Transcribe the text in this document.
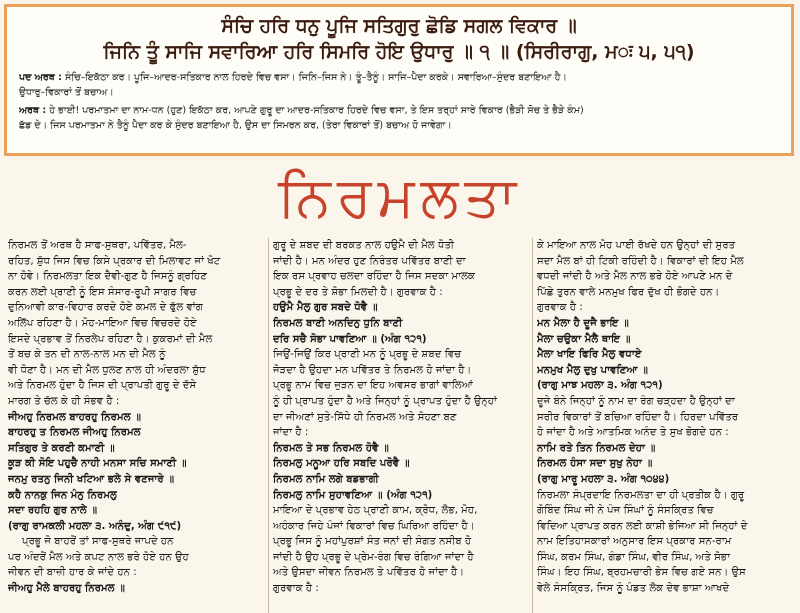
ਸੰਚਿ ਹਰਿ ਧਨੁ ਪੂਜਿ ਸਤਿਗੁਰੁ ਛੋਡਿ ਸਗਲ ਵਿਕਾਰ ॥
ਜਿਨਿ ਤੂੰ ਸਾਜਿ ਸਵਾਰਿਆ ਹਰਿ ਸਿਮਰਿ ਹੋਇ ਉਧਾਰੁ ॥ ੧ ॥ (ਸਿਰੀਰਾਗੁ, ਮः ੫, ੫੧)
ਪਦ ਅਰਥ : ਸੰਚਿ–ਇਕੱਠਾ ਕਰ। ਪੂਜਿ–ਆਦਰ-ਸਤਿਕਾਰ ਨਾਲ ਹਿਰਦੇ ਵਿਚ ਵਸਾ। ਜਿਨਿ–ਜਿਸ ਨੇ। ਤੂੰ–ਤੈਨੂੰ। ਸਾਜਿ–ਪੈਦਾ ਕਰਕੇ। ਸਵਾਰਿਆ–ਸੁੰਦਰ ਬਣਾਇਆ ਹੈ।
ਉਧਾਰੁ–ਵਿਕਾਰਾਂ ਤੋਂ ਬਚਾਅ।
ਅਰਥ : ਹੇ ਭਾਈ! ਪਰਮਾਤਮਾ ਦਾ ਨਾਮ-ਧਨ (ਹੁਣ) ਇਕੱਠਾ ਕਰ, ਆਪਣੇ ਗੁਰੂ ਦਾ ਆਦਰ-ਸਤਿਕਾਰ ਹਿਰਦੇ ਵਿਚ ਵਸਾ, ਤੇ ਇਸ ਤਰ੍ਹਾਂ ਸਾਰੇ ਵਿਕਾਰ (ਭੈੜੀ ਸੋਚ ਤੇ ਭੈੜੇ ਕੰਮ)
ਛੱਡ ਦੇ। ਜਿਸ ਪਰਮਾਤਮਾ ਨੇ ਤੈਨੂੰ ਪੈਦਾ ਕਰ ਕੇ ਸੁੰਦਰ ਬਣਾਇਆ ਹੈ, ਉਸ ਦਾ ਸਿਮਰਨ ਕਰ, (ਤੇਰਾ ਵਿਕਾਰਾਂ ਤੋਂ) ਬਚਾਅ ਹੋ ਜਾਵੇਗਾ।
ਨਿਰਮਲਤਾ
ਨਿਰਮਲ ਤੋਂ ਅਰਥ ਹੈ ਸਾਫ-ਸੁਥਰਾ, ਪਵਿੱਤਰ, ਮੈਲ-
ਰਹਿਤ, ਸ਼ੁੱਧ ਜਿਸ ਵਿਚ ਕਿਸੇ ਪ੍ਰਕਾਰ ਦੀ ਮਿਲਾਵਟ ਜਾਂ ਖੋਟ
ਨਾ ਹੋਵੇ। ਨਿਰਮਲਤਾ ਇਕ ਦੈਵੀ-ਗੁਣ ਹੈ ਜਿਸਨੂੰ ਗ੍ਰਹਿਣ
ਕਰਨ ਲਈ ਪ੍ਰਾਣੀ ਨੂੰ ਇਸ ਸੰਸਾਰ-ਰੂਪੀ ਸਾਗਰ ਵਿਚ
ਦੁਨਿਆਵੀ ਕਾਰ-ਵਿਹਾਰ ਕਰਦੇ ਹੋਏ ਕਮਲ ਦੇ ਫੁੱਲ ਵਾਂਗ
ਅਲਿੱਪ ਰਹਿਣਾ ਹੈ। ਮੋਹ-ਮਾਇਆ ਵਿਚ ਵਿਚਰਦੇ ਹੋਏ
ਇਸਦੇ ਪ੍ਰਭਾਵ ਤੋਂ ਨਿਰਲੇਪ ਰਹਿਣਾ ਹੈ। ਕੁਕਰਮਾਂ ਦੀ ਮੈਲ
ਤੋਂ ਬਚ ਕੇ ਤਨ ਦੀ ਨਾਲ-ਨਾਲ ਮਨ ਦੀ ਮੈਲ ਨੂੰ
ਵੀ ਧੋਣਾ ਹੈ। ਮਨ ਦੀ ਮੈਲ ਧੁਲਣ ਨਾਲ ਹੀ ਅੰਦਰਲਾ ਸ਼ੁੱਧ
ਅਤੇ ਨਿਰਮਲ ਹੁੰਦਾ ਹੈ ਜਿਸ ਦੀ ਪ੍ਰਾਪਤੀ ਗੁਰੂ ਦੇ ਦੱਸੇ
ਮਾਰਗ ਤੇ ਚੱਲ ਕੇ ਹੀ ਸੰਭਵ ਹੈ :
ਜੀਅਹੁ ਨਿਰਮਲ ਬਾਹਰਹੁ ਨਿਰਮਲ ॥
ਬਾਹਰਹੁ ਤ ਨਿਰਮਲ ਜੀਅਹੁ ਨਿਰਮਲ
ਸਤਿਗੁਰ ਤੇ ਕਰਣੀ ਕਮਾਣੀ ॥
ਕੂੜ ਕੀ ਸੋਇ ਪਹੁਚੈ ਨਾਹੀ ਮਨਸਾ ਸਚਿ ਸਮਾਣੀ ॥
ਜਨਮੁ ਰਤਨੁ ਜਿਨੀ ਖਟਿਆ ਭਲੇ ਸੇ ਵਣਜਾਰੇ ॥
ਕਹੈ ਨਾਨਕੁ ਜਿਨ ਮੰਨੁ ਨਿਰਮਲੁ
ਸਦਾ ਰਹਹਿ ਗੁਰ ਨਾਲੇ ॥
(ਰਾਗੁ ਰਾਮਕਲੀ ਮਹਲਾ ੩. ਅਨੰਦੁ, ਅੰਗ ੯੧੯)
ਪ੍ਰਭੂ ਜੋ ਬਾਹਰੋਂ ਤਾਂ ਸਾਫ-ਸੁਥਰੇ ਜਾਪਦੇ ਹਨ
ਪਰ ਅੰਦਰੋਂ ਮੈਲ ਅਤੇ ਕਪਟ ਨਾਲ ਭਰੇ ਹੋਏ ਹਨ ਉਹ
ਜੀਵਨ ਦੀ ਬਾਜ਼ੀ ਹਾਰ ਕੇ ਜਾਂਦੇ ਹਨ :
ਜੀਅਹੁ ਮੈਲੇ ਬਾਹਰਹੁ ਨਿਰਮਲ ॥
ਗੁਰੂ ਦੇ ਸ਼ਬਦ ਦੀ ਬਰਕਤ ਨਾਲ ਹਉਮੈ ਦੀ ਮੈਲ ਧੋਤੀ
ਜਾਂਦੀ ਹੈ। ਮਨ ਅੰਦਰ ਹੁਣ ਨਿਰੰਤਰ ਪਵਿੱਤਰ ਬਾਣੀ ਦਾ
ਇਕ ਰਸ ਪ੍ਰਵਾਹ ਚਲਦਾ ਰਹਿੰਦਾ ਹੈ ਜਿਸ ਸਦਕਾ ਮਾਲਕ
ਪ੍ਰਭੂ ਦੇ ਦਰ ਤੇ ਸ਼ੋਭਾ ਮਿਲਦੀ ਹੈ। ਗੁਰਵਾਕ ਹੈ :
ਹਉਮੈ ਮੈਲੁ ਗੁਰ ਸਬਦੇ ਧੋਵੈ ॥
ਨਿਰਮਲ ਬਾਣੀ ਅਨਦਿਨੁ ਧੁਨਿ ਬਾਣੀ
ਦਰਿ ਸਚੈ ਸੋਭਾ ਪਾਵਣਿਆ ॥ (ਅੰਗ ੧੨੧)
ਜਿਉਂ-ਜਿਉਂ ਕਿਰ ਪ੍ਰਾਣੀ ਮਨ ਨੂੰ ਪ੍ਰਭੂ ਦੇ ਸ਼ਬਦ ਵਿਚ
ਜੋੜਦਾ ਹੈ ਉਹਦਾ ਮਨ ਪਵਿੱਤਰ ਤੇ ਨਿਰਮਲ ਹੋ ਜਾਂਦਾ ਹੈ।
ਪ੍ਰਭੂ ਨਾਮ ਵਿਚ ਜੁੜਨ ਦਾ ਇਹ ਅਵਸਰ ਭਾਗਾਂ ਵਾਲਿਆਂ
ਨੂੰ ਹੀ ਪ੍ਰਾਪਤ ਹੁੰਦਾ ਹੈ ਅਤੇ ਜਿਨ੍ਹਾਂ ਨੂੰ ਪ੍ਰਾਪਤ ਹੁੰਦਾ ਹੈ ਉਨ੍ਹਾਂ
ਦਾ ਜੀਅਣਾਂ ਸੁਤੇ-ਸਿੱਧੇ ਹੀ ਨਿਰਮਲ ਅਤੇ ਸੋਹਣਾ ਬਣ
ਜਾਂਦਾ ਹੈ :
ਨਿਰਮਲ ਤੇ ਸਭ ਨਿਰਮਲ ਹੋਵੈ ॥
ਨਿਰਮਲੁ ਮਨੂਆ ਹਰਿ ਸਬਦਿ ਪਰੋਵੈ ॥
ਨਿਰਮਲ ਨਾਮਿ ਲਗੇ ਬਡਭਾਗੀ
ਨਿਰਮਲੁ ਨਾਮਿ ਸੁਹਾਵਣਿਆ ॥ (ਅੰਗ ੧੨੧)
ਮਾਇਆ ਦੇ ਪ੍ਰਭਾਵ ਹੇਠ ਪ੍ਰਾਣੀ ਕਾਮ, ਕ੍ਰੋਧ, ਲੋਭ, ਮੋਹ,
ਅਹੰਕਾਰ ਜਿਹੇ ਪੰਜਾਂ ਵਿਕਾਰਾਂ ਵਿਚ ਘਿਰਿਆ ਰਹਿੰਦਾ ਹੈ।
ਪ੍ਰਭੂ ਜਿਸ ਨੂੰ ਮਹਾਂਪੁਰਸ਼ਾਂ ਸੰਤ ਜਨਾਂ ਦੀ ਸੰਗਤ ਨਸੀਬ ਹੋ
ਜਾਂਦੀ ਹੈ ਉਹ ਪ੍ਰਭੂ ਦੇ ਪ੍ਰੇਮ-ਰੰਗ ਵਿਚ ਰੰਗਿਆ ਜਾਂਦਾ ਹੈ
ਅਤੇ ਉਸਦਾ ਜੀਵਨ ਨਿਰਮਲ ਤੇ ਪਵਿੱਤਰ ਹੋ ਜਾਂਦਾ ਹੈ।
ਗੁਰਵਾਕ ਹੈ :
ਕੇ ਮਾਇਆ ਨਾਲ ਮੋਹ ਪਾਈ ਰੱਖਦੇ ਹਨ ਉਨ੍ਹਾਂ ਦੀ ਸੁਰਤ
ਸਦਾ ਮੈਲ ਬਾਂ ਹੀ ਟਿਕੀ ਰਹਿੰਦੀ ਹੈ। ਵਿਕਾਰਾਂ ਦੀ ਇਹ ਮੈਲ
ਵਧਦੀ ਜਾਂਦੀ ਹੈ ਅਤੇ ਮੈਲ ਨਾਲ ਭਰੇ ਹੋਏ ਆਪਣੇ ਮਨ ਦੇ
ਪਿੱਛੇ ਤੁਰਨ ਵਾਲੇ ਮਨਮੁਖ ਫਿਰ ਦੁੱਖ ਹੀ ਭੋਗਦੇ ਹਨ।
ਗੁਰਵਾਕ ਹੈ :
ਮਨ ਮੈਲਾ ਹੈ ਦੂਜੈ ਭਾਇ ॥
ਮੈਲਾ ਚਉਕਾ ਮੈਲੈ ਥਾਇ ॥
ਮੈਲਾ ਖਾਇ ਫਿਰਿ ਮੈਲੁ ਵਧਾਏ
ਮਨਮੁਖ ਮੈਲੁ ਦੁਖੁ ਪਾਵਣਿਆ ॥
(ਰਾਗੁ ਮਾਝ ਮਹਲਾ ੩. ਅੰਗ ੧੨੧)
ਦੂਜੇ ਬੰਨੇ ਜਿਨ੍ਹਾਂ ਨੂੰ ਨਾਮ ਦਾ ਰੰਗ ਚੜ੍ਹਦਾ ਹੈ ਉਨ੍ਹਾਂ ਦਾ
ਸਰੀਰ ਵਿਕਾਰਾਂ ਤੋਂ ਬਚਿਆ ਰਹਿੰਦਾ ਹੈ। ਹਿਰਦਾ ਪਵਿੱਤਰ
ਹੋ ਜਾਂਦਾ ਹੈ ਅਤੇ ਆਤਮਿਕ ਅਨੰਦ ਤੇ ਸੁਖ ਭੋਗਦੇ ਹਨ :
ਨਾਮਿ ਰਤੇ ਤਿਨ ਨਿਰਮਲ ਦੇਹਾ ॥
ਨਿਰਮਲ ਹੰਸਾ ਸਦਾ ਸੁਖੁ ਨੇਹਾ ॥
(ਰਾਗੁ ਮਾਰੂ ਮਹਲਾ ੩. ਅੰਗ ੧੦੪੪)
ਨਿਰਮਲਾ ਸੰਪ੍ਰਦਾਇ ਨਿਰਮਲਤਾ ਦਾ ਹੀ ਪ੍ਰਤੀਕ ਹੈ। ਗੁਰੂ
ਗੋਬਿੰਦ ਸਿੰਘ ਜੀ ਨੇ ਪੰਜ ਸਿੰਘਾਂ ਨੂੰ ਸੰਸਕ੍ਰਿਤ ਵਿਚ
ਵਿਦਿਆ ਪ੍ਰਾਪਤ ਕਰਨ ਲਈ ਕਾਸ਼ੀ ਭੇਜਿਆ ਸੀ ਜਿਨ੍ਹਾਂ ਦੇ
ਨਾਮ ਇਤਿਹਾਸਕਾਰਾਂ ਅਨੁਸਾਰ ਇਸ ਪ੍ਰਕਾਰ ਸਨ-ਰਾਮ
ਸਿੰਘ, ਕਰਮ ਸਿੰਘ, ਗੰਡਾ ਸਿੰਘ, ਵੀਰ ਸਿੰਘ, ਅਤੇ ਸੋਭਾ
ਸਿੰਘ। ਇਹ ਸਿੰਘ, ਬ੍ਰਹਮਚਾਰੀ ਭੇਸ ਵਿਚ ਗਏ ਸਨ। ਉਸ
ਵੇਲੇ ਸੰਸਕ੍ਰਿਤ, ਜਿਸ ਨੂੰ ਪੰਡਤ ਲੋਕ ਦੇਵ ਭਾਸ਼ਾ ਆਖਦੇ
